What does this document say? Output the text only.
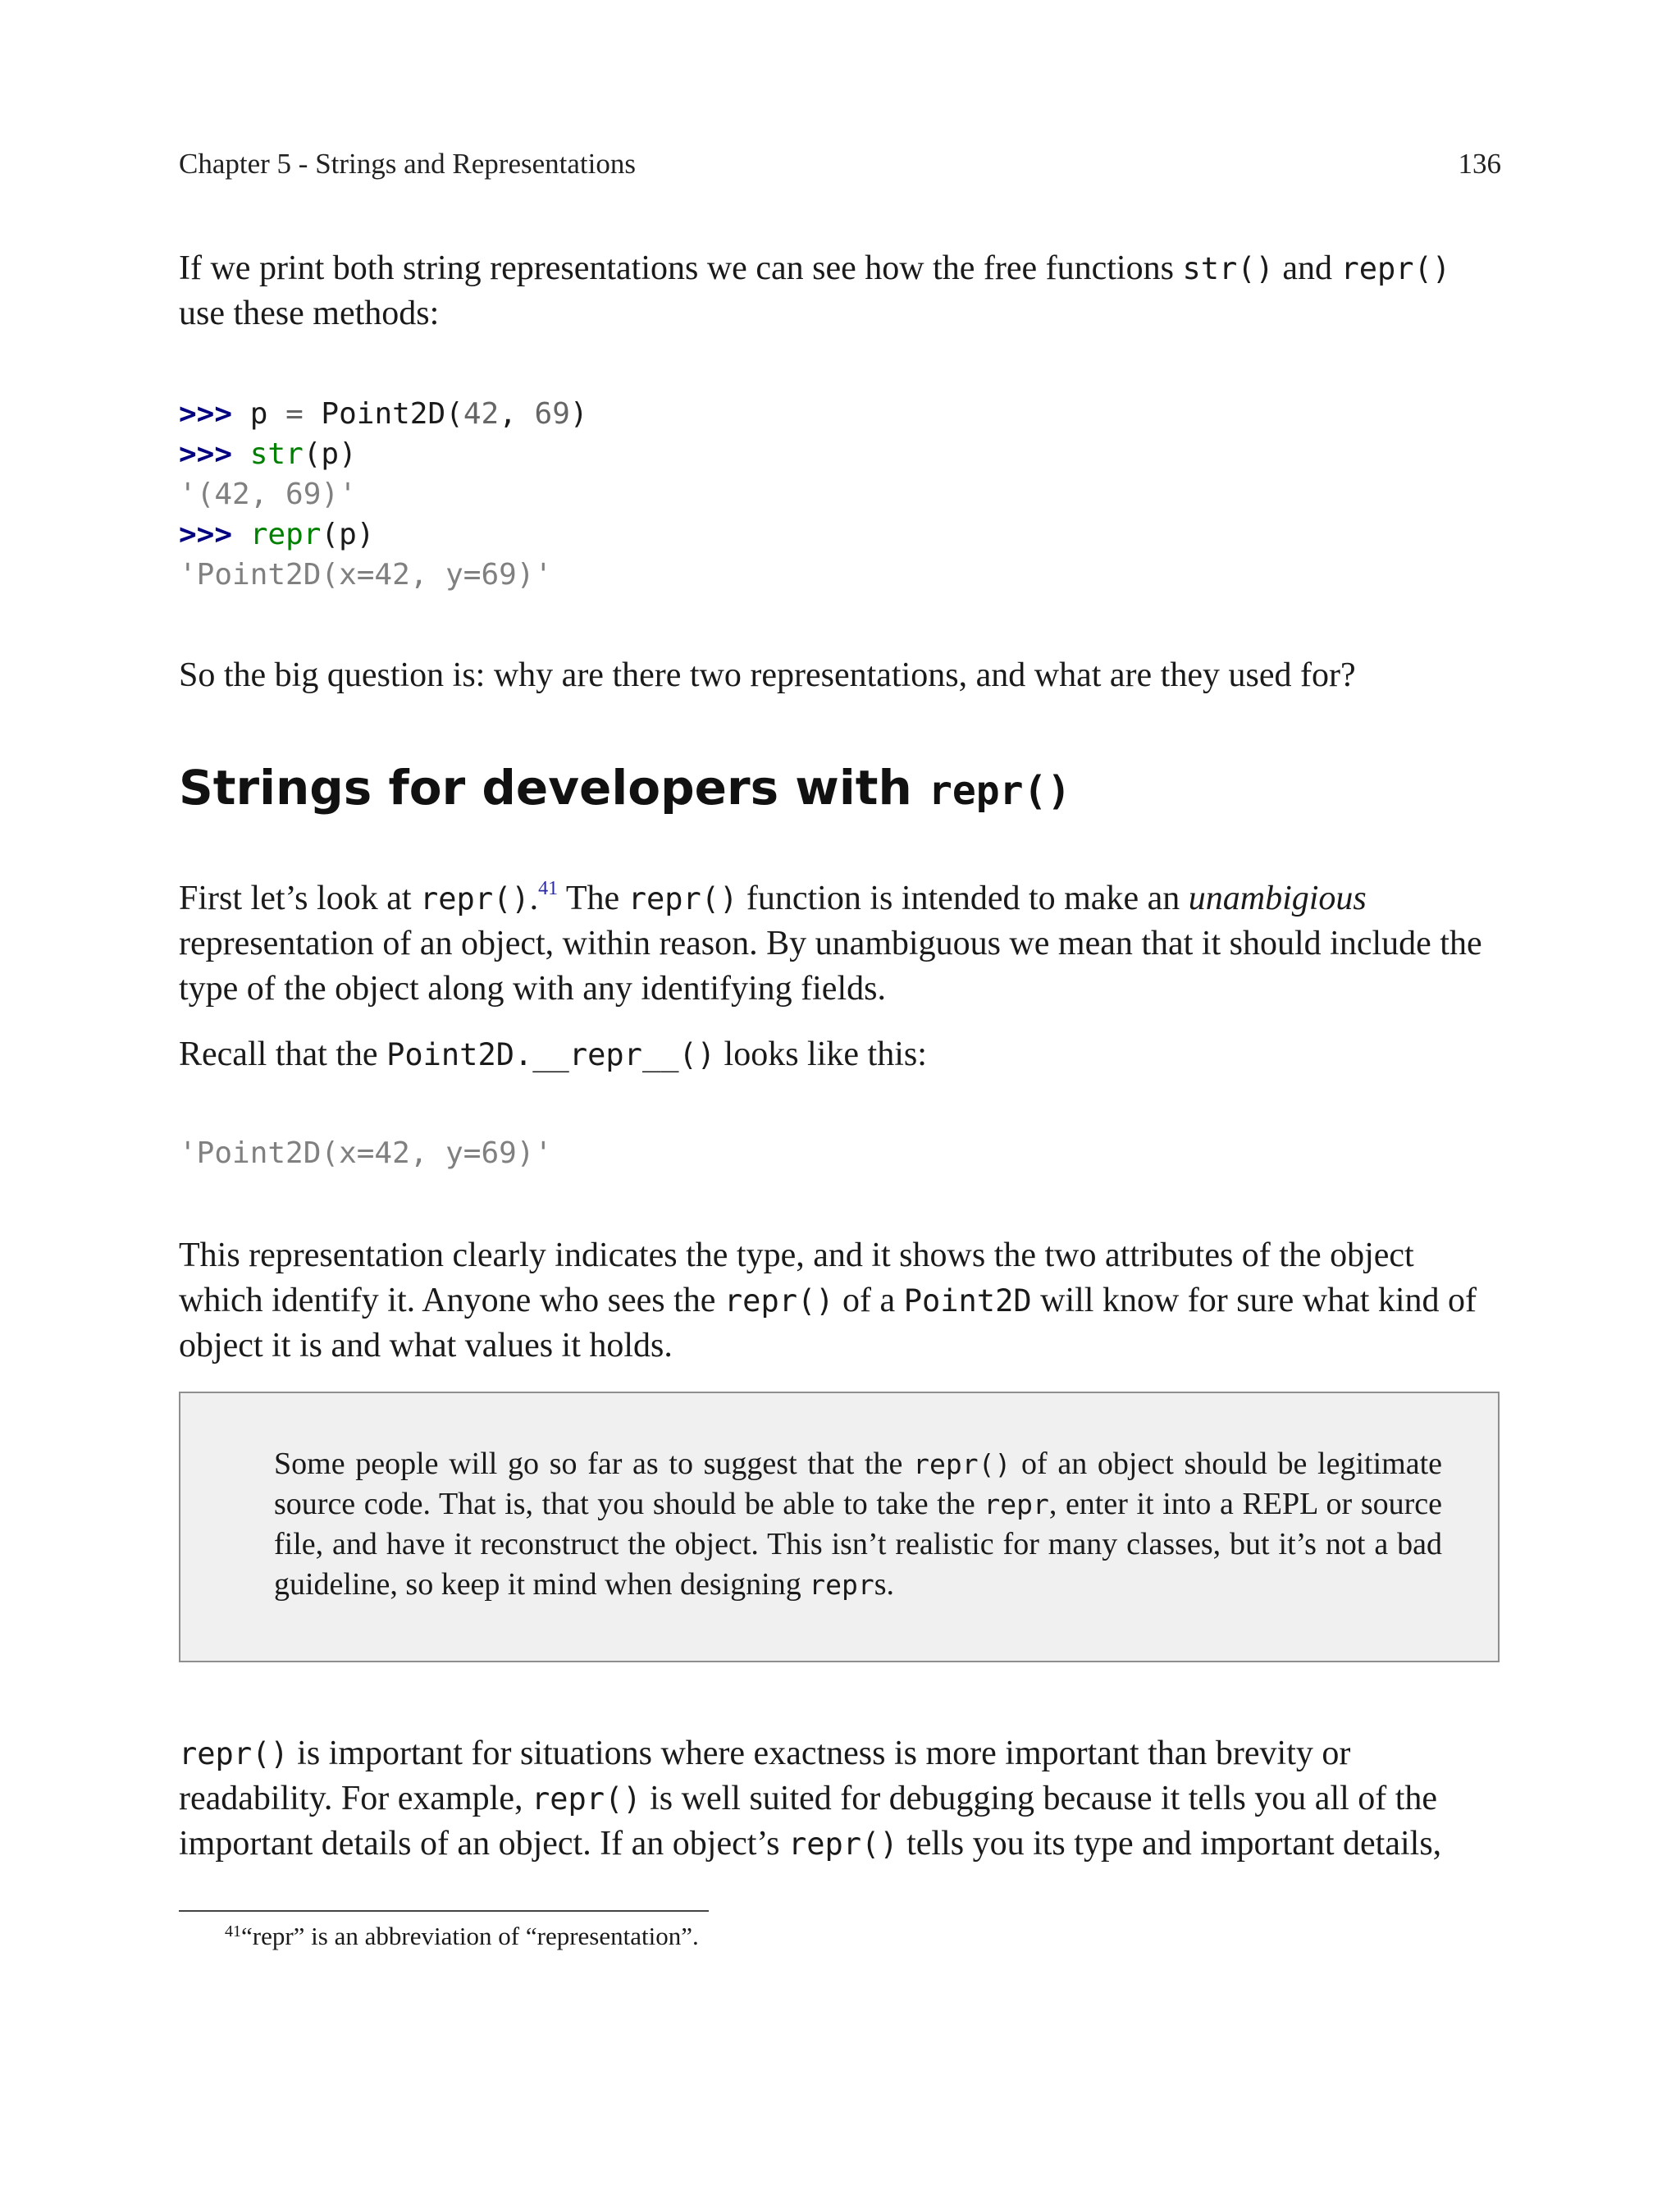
Chapter 5 - Strings and Representations	136

If we print both string representations we can see how the free functions str() and repr() use these methods:

>>> p = Point2D(42, 69)
>>> str(p)
'(42, 69)'
>>> repr(p)
'Point2D(x=42, y=69)'

So the big question is: why are there two representations, and what are they used for?

Strings for developers with repr()

First let’s look at repr().$^{41}$ The repr() function is intended to make an unambigious representation of an object, within reason. By unambiguous we mean that it should include the type of the object along with any identifying fields.

Recall that the Point2D.__repr__() looks like this:

'Point2D(x=42, y=69)'

This representation clearly indicates the type, and it shows the two attributes of the object which identify it. Anyone who sees the repr() of a Point2D will know for sure what kind of object it is and what values it holds.

Some people will go so far as to suggest that the repr() of an object should be legitimate source code. That is, that you should be able to take the repr, enter it into a REPL or source file, and have it reconstruct the object. This isn’t realistic for many classes, but it’s not a bad guideline, so keep it mind when designing reprs.

repr() is important for situations where exactness is more important than brevity or readability. For example, repr() is well suited for debugging because it tells you all of the important details of an object. If an object’s repr() tells you its type and important details,

$^{41}$“repr” is an abbreviation of “representation”.
